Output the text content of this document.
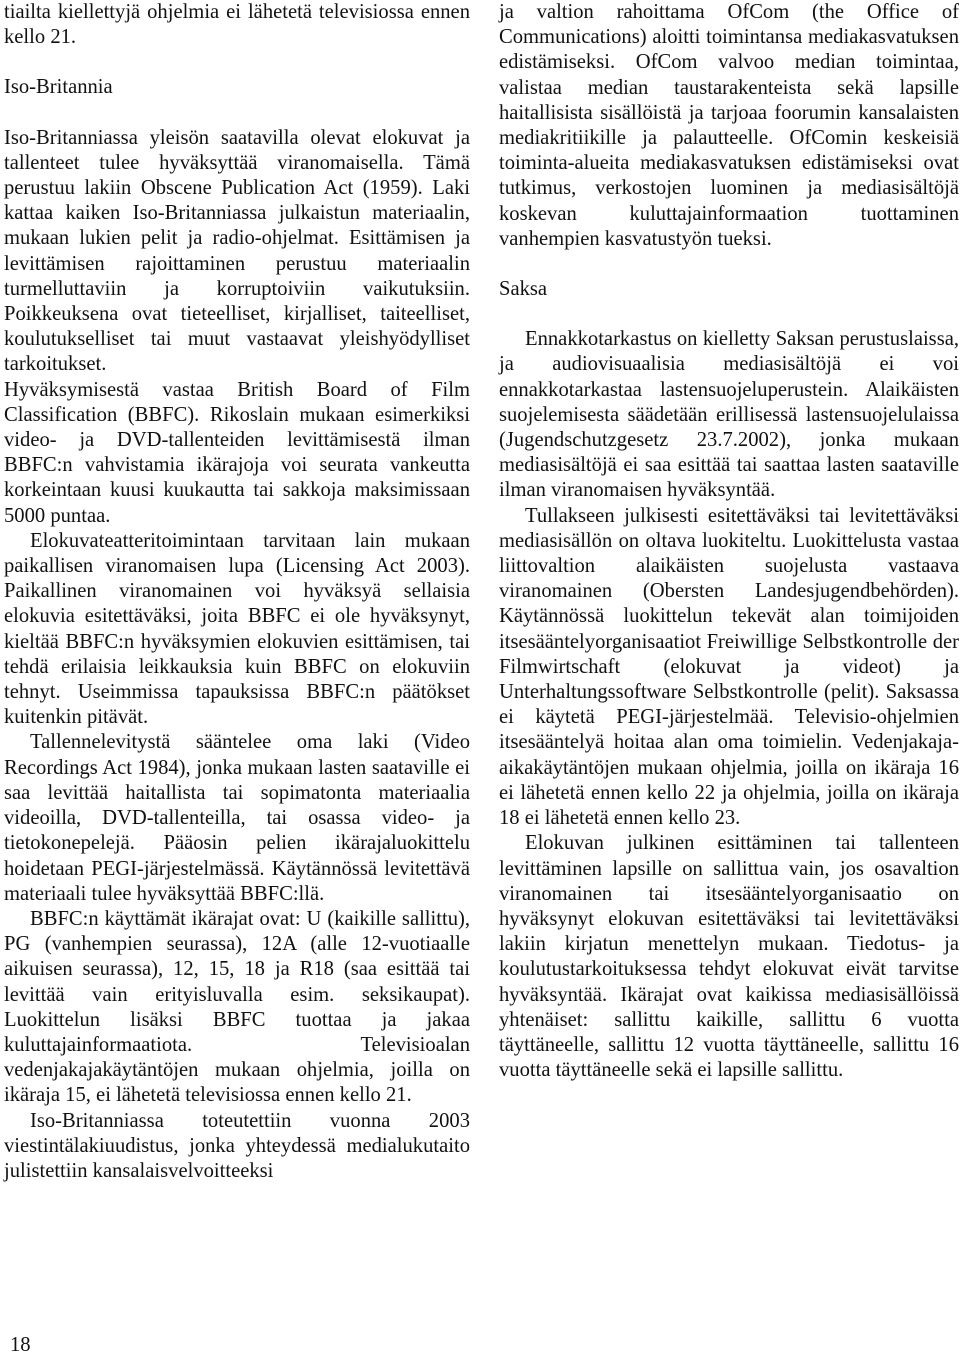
tiailta kiellettyjä ohjelmia ei lähetetä televisiossa ennen kello 21.

Iso-Britannia

Iso-Britanniassa yleisön saatavilla olevat elokuvat ja tallenteet tulee hyväksyttää viranomaisella. Tämä perustuu lakiin Obscene Publication Act (1959). Laki kattaa kaiken Iso-Britanniassa julkaistun materiaalin, mukaan lukien pelit ja radio-ohjelmat. Esittämisen ja levittämisen rajoittaminen perustuu materiaalin turmelluttaviin ja korruptoiviin vaikutuksiin. Poikkeuksena ovat tieteelliset, kirjalliset, taiteelliset, koulutukselliset tai muut vastaavat yleishyödylliset tarkoitukset.

Hyväksymisestä vastaa British Board of Film Classification (BBFC). Rikoslain mukaan esimerkiksi video- ja DVD-tallenteiden levittämisestä ilman BBFC:n vahvistamia ikärajoja voi seurata vankeutta korkeintaan kuusi kuukautta tai sakkoja maksimissaan 5000 puntaa.

Elokuvateatteritoimintaan tarvitaan lain mukaan paikallisen viranomaisen lupa (Licensing Act 2003). Paikallinen viranomainen voi hyväksyä sellaisia elokuvia esitettäväksi, joita BBFC ei ole hyväksynyt, kieltää BBFC:n hyväksymien elokuvien esittämisen, tai tehdä erilaisia leikkauksia kuin BBFC on elokuviin tehnyt. Useimmissa tapauksissa BBFC:n päätökset kuitenkin pitävät.

Tallennelevitystä sääntelee oma laki (Video Recordings Act 1984), jonka mukaan lasten saataville ei saa levittää haitallista tai sopimatonta materiaalia videoilla, DVD-tallenteilla, tai osassa video- ja tietokonepelejä. Pääosin pelien ikärajaluokittelu hoidetaan PEGI-järjestelmässä. Käytännössä levitettävä materiaali tulee hyväksyttää BBFC:llä.

BBFC:n käyttämät ikärajat ovat: U (kaikille sallittu), PG (vanhempien seurassa), 12A (alle 12-vuotiaalle aikuisen seurassa), 12, 15, 18 ja R18 (saa esittää tai levittää vain erityisluvalla esim. seksikaupat). Luokittelun lisäksi BBFC tuottaa ja jakaa kuluttajainformaatiota. Televisioalan vedenjakajakäytäntöjen mukaan ohjelmia, joilla on ikäraja 15, ei lähetetä televisiossa ennen kello 21.

Iso-Britanniassa toteutettiin vuonna 2003 viestintälakiuudistus, jonka yhteydessä medialukutaito julistettiin kansalaisvelvoitteeksi

ja valtion rahoittama OfCom (the Office of Communications) aloitti toimintansa mediakasvatuksen edistämiseksi. OfCom valvoo median toimintaa, valistaa median taustarakenteista sekä lapsille haitallisista sisällöistä ja tarjoaa foorumin kansalaisten mediakritiikille ja palautteelle. OfComin keskeisiä toiminta-alueita mediakasvatuksen edistämiseksi ovat tutkimus, verkostojen luominen ja mediasisältöjä koskevan kuluttajainformaation tuottaminen vanhempien kasvatustyön tueksi.

Saksa

Ennakkotarkastus on kielletty Saksan perustuslaissa, ja audiovisuaalisia mediasisältöjä ei voi ennakkotarkastaa lastensuojeluperustein. Alaikäisten suojelemisesta säädetään erillisessä lastensuojelulaissa (Jugendschutzgesetz 23.7.2002), jonka mukaan mediasisältöjä ei saa esittää tai saattaa lasten saataville ilman viranomaisen hyväksyntää.

Tullakseen julkisesti esitettäväksi tai levitettäväksi mediasisällön on oltava luokiteltu. Luokittelusta vastaa liittovaltion alaikäisten suojelusta vastaava viranomainen (Obersten Landesjugendbehörden). Käytännössä luokittelun tekevät alan toimijoiden itsesääntelyorganisaatiot Freiwillige Selbstkontrolle der Filmwirtschaft (elokuvat ja videot) ja Unterhaltungssoftware Selbstkontrolle (pelit). Saksassa ei käytetä PEGI-järjestelmää. Televisio-ohjelmien itsesääntelyä hoitaa alan oma toimielin. Vedenjakaja-aikakäytäntöjen mukaan ohjelmia, joilla on ikäraja 16 ei lähetetä ennen kello 22 ja ohjelmia, joilla on ikäraja 18 ei lähetetä ennen kello 23.

Elokuvan julkinen esittäminen tai tallenteen levittäminen lapsille on sallittua vain, jos osavaltion viranomainen tai itsesääntelyorganisaatio on hyväksynyt elokuvan esitettäväksi tai levitettäväksi lakiin kirjatun menettelyn mukaan. Tiedotus- ja koulutustarkoituksessa tehdyt elokuvat eivät tarvitse hyväksyntää. Ikärajat ovat kaikissa mediasisällöissä yhtenäiset: sallittu kaikille, sallittu 6 vuotta täyttäneelle, sallittu 12 vuotta täyttäneelle, sallittu 16 vuotta täyttäneelle sekä ei lapsille sallittu.

18
